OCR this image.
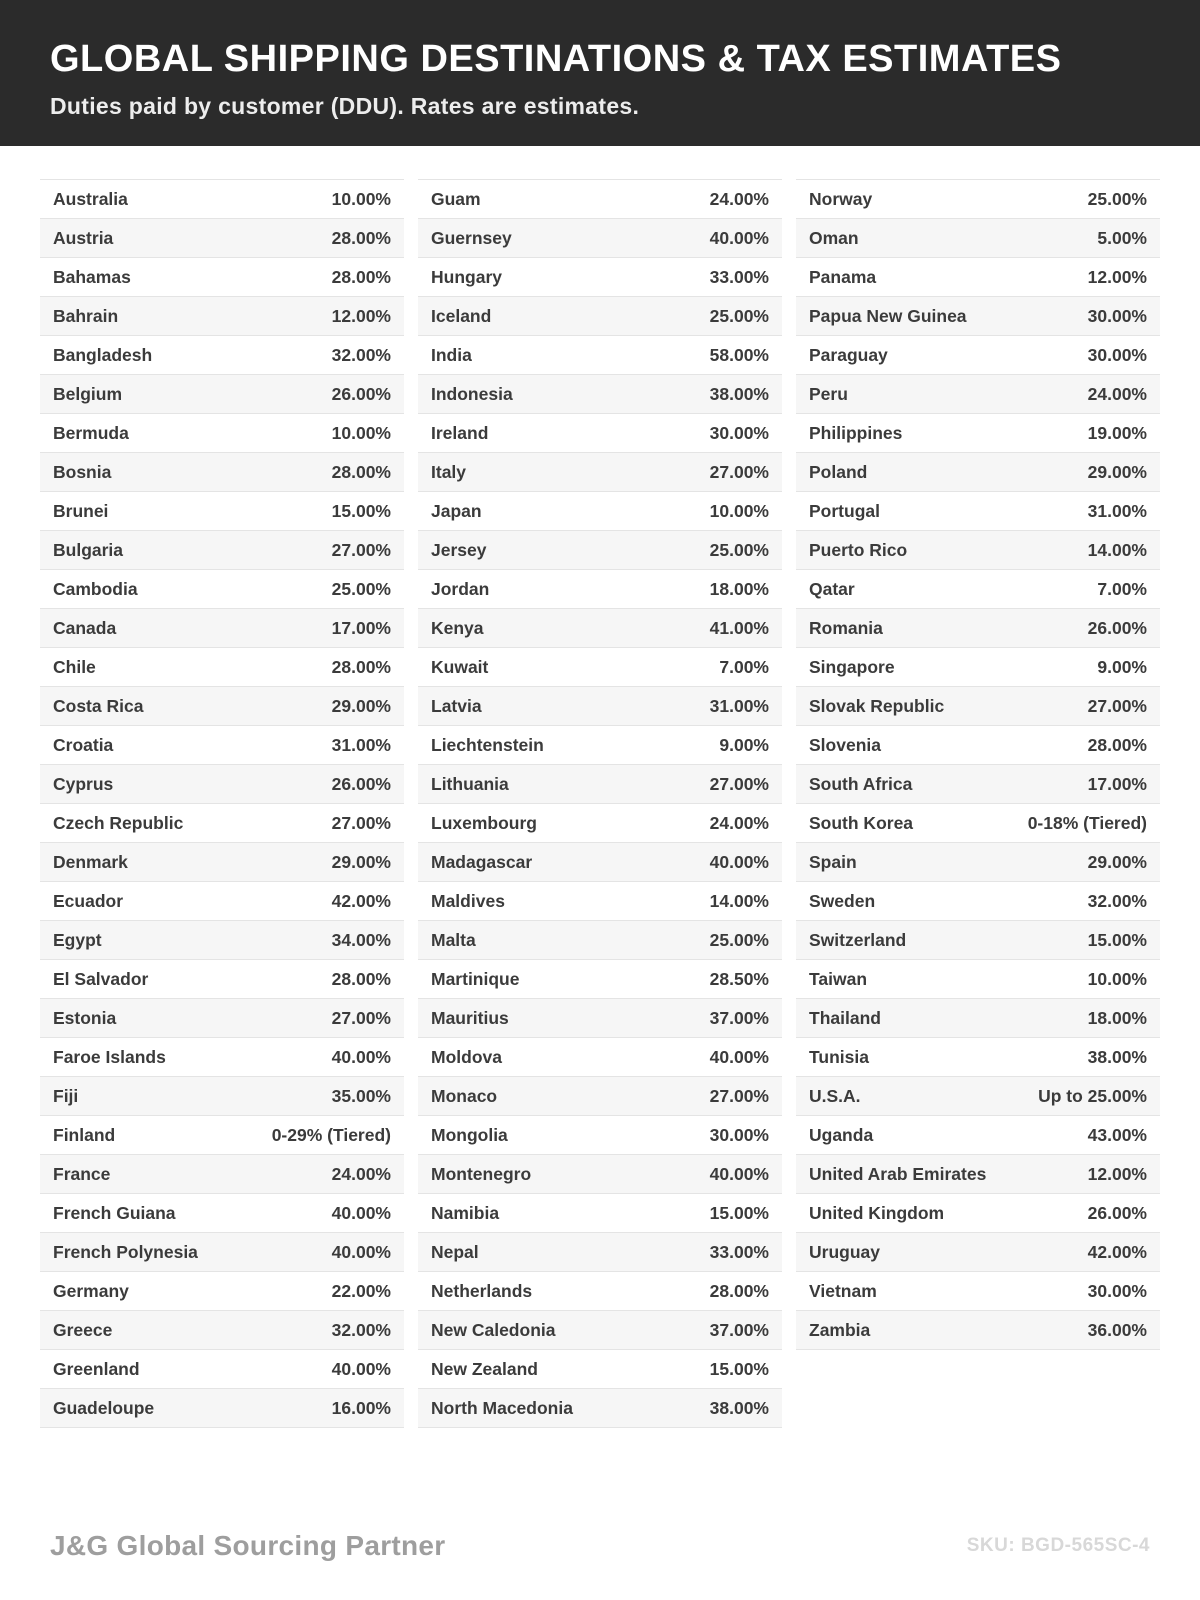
GLOBAL SHIPPING DESTINATIONS & TAX ESTIMATES

Duties paid by customer (DDU). Rates are estimates.

Australia	10.00%
Austria	28.00%
Bahamas	28.00%
Bahrain	12.00%
Bangladesh	32.00%
Belgium	26.00%
Bermuda	10.00%
Bosnia	28.00%
Brunei	15.00%
Bulgaria	27.00%
Cambodia	25.00%
Canada	17.00%
Chile	28.00%
Costa Rica	29.00%
Croatia	31.00%
Cyprus	26.00%
Czech Republic	27.00%
Denmark	29.00%
Ecuador	42.00%
Egypt	34.00%
El Salvador	28.00%
Estonia	27.00%
Faroe Islands	40.00%
Fiji	35.00%
Finland	0-29% (Tiered)
France	24.00%
French Guiana	40.00%
French Polynesia	40.00%
Germany	22.00%
Greece	32.00%
Greenland	40.00%
Guadeloupe	16.00%
Guam	24.00%
Guernsey	40.00%
Hungary	33.00%
Iceland	25.00%
India	58.00%
Indonesia	38.00%
Ireland	30.00%
Italy	27.00%
Japan	10.00%
Jersey	25.00%
Jordan	18.00%
Kenya	41.00%
Kuwait	7.00%
Latvia	31.00%
Liechtenstein	9.00%
Lithuania	27.00%
Luxembourg	24.00%
Madagascar	40.00%
Maldives	14.00%
Malta	25.00%
Martinique	28.50%
Mauritius	37.00%
Moldova	40.00%
Monaco	27.00%
Mongolia	30.00%
Montenegro	40.00%
Namibia	15.00%
Nepal	33.00%
Netherlands	28.00%
New Caledonia	37.00%
New Zealand	15.00%
North Macedonia	38.00%
Norway	25.00%
Oman	5.00%
Panama	12.00%
Papua New Guinea	30.00%
Paraguay	30.00%
Peru	24.00%
Philippines	19.00%
Poland	29.00%
Portugal	31.00%
Puerto Rico	14.00%
Qatar	7.00%
Romania	26.00%
Singapore	9.00%
Slovak Republic	27.00%
Slovenia	28.00%
South Africa	17.00%
South Korea	0-18% (Tiered)
Spain	29.00%
Sweden	32.00%
Switzerland	15.00%
Taiwan	10.00%
Thailand	18.00%
Tunisia	38.00%
U.S.A.	Up to 25.00%
Uganda	43.00%
United Arab Emirates	12.00%
United Kingdom	26.00%
Uruguay	42.00%
Vietnam	30.00%
Zambia	36.00%
J&G Global Sourcing Partner	SKU: BGD-565SC-4
